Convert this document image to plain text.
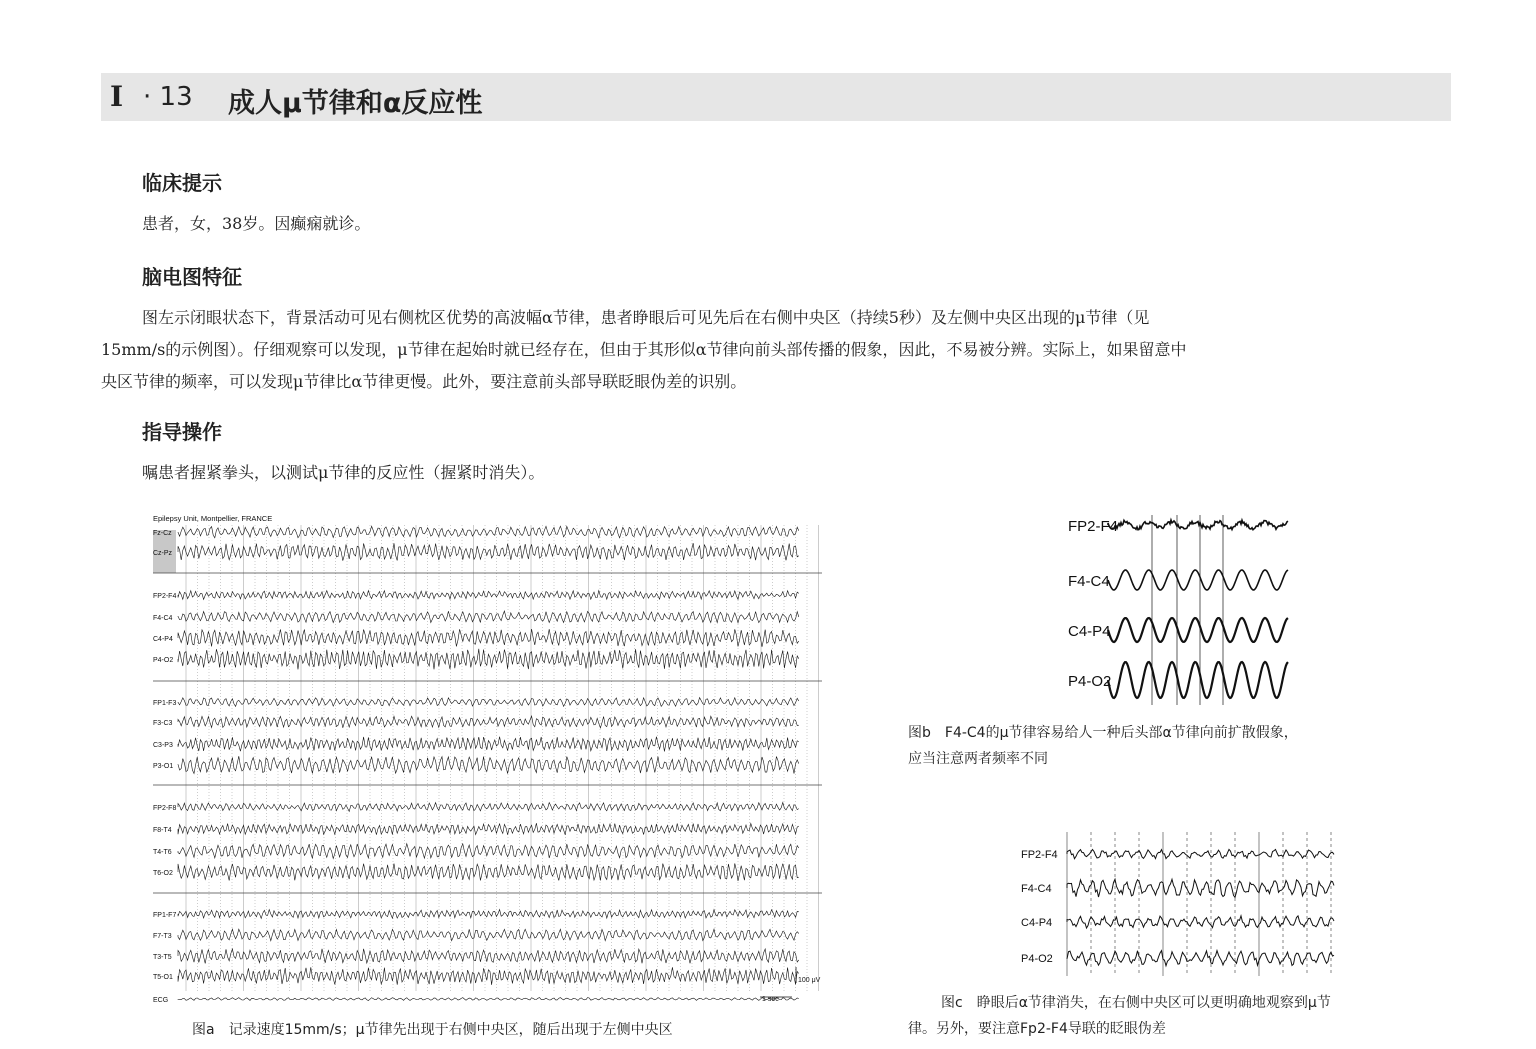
Ⅰ · 13 成人μ节律和α反应性
临床提示
患者，女，38岁。因癫痫就诊。
脑电图特征
图左示闭眼状态下，背景活动可见右侧枕区优势的高波幅α节律，患者睁眼后可见先后在右侧中央区（持续5秒）及左侧中央区出现的μ节律（见
15mm/s的示例图）。仔细观察可以发现，μ节律在起始时就已经存在，但由于其形似α节律向前头部传播的假象，因此，不易被分辨。实际上，如果留意中
央区节律的频率，可以发现μ节律比α节律更慢。此外，要注意前头部导联眨眼伪差的识别。
指导操作
嘱患者握紧拳头，以测试μ节律的反应性（握紧时消失）。
Epilepsy Unit, Montpellier, FRANCE
Fz-Cz
Cz-Pz
FP2-F4
F4-C4
C4-P4
P4-O2
FP1-F3
F3-C3
C3-P3
P3-O1
FP2-F8
F8-T4
T4-T6
T6-O2
FP1-F7
F7-T3
T3-T5
T5-O1
ECG
100 μV
1 sec
图a　记录速度15mm/s；μ节律先出现于右侧中央区，随后出现于左侧中央区
FP2-F4
F4-C4
C4-P4
P4-O2
图b　F4-C4的μ节律容易给人一种后头部α节律向前扩散假象，
应当注意两者频率不同
FP2-F4
F4-C4
C4-P4
P4-O2
图c　睁眼后α节律消失，在右侧中央区可以更明确地观察到μ节
律。另外，要注意Fp2-F4导联的眨眼伪差
